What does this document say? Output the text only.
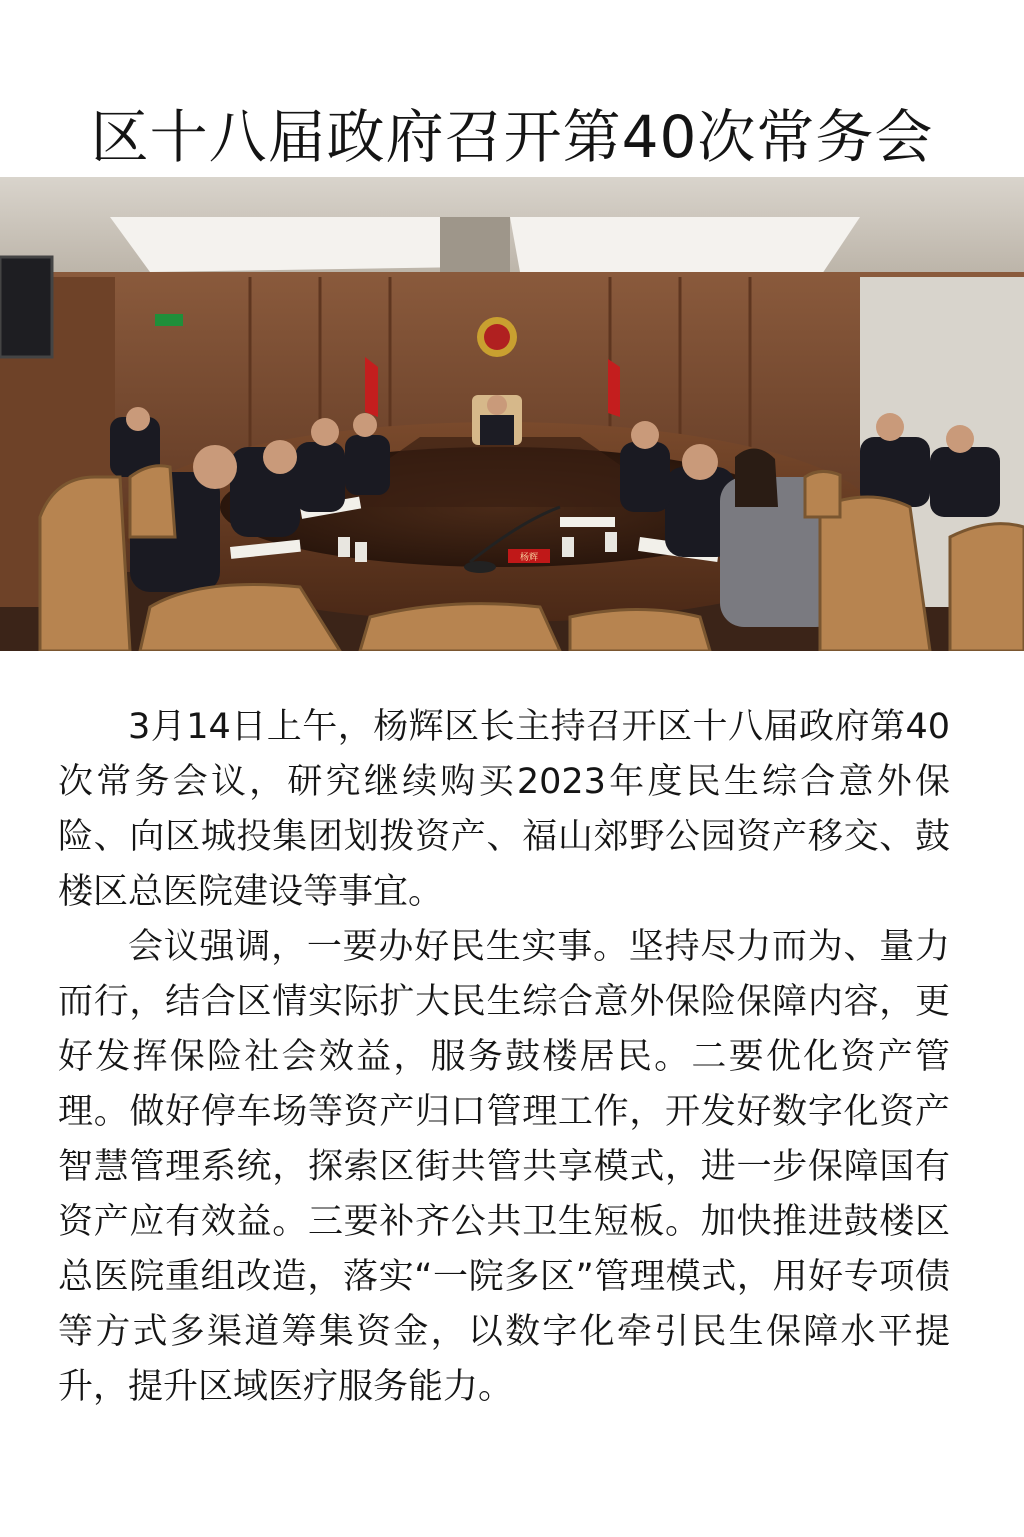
区十八届政府召开第40次常务会
杨辉

3月14日上午，杨辉区长主持召开区十八届政府第40次常务会议，研究继续购买2023年度民生综合意外保险、向区城投集团划拨资产、福山郊野公园资产移交、鼓楼区总医院建设等事宜。

会议强调，一要办好民生实事。坚持尽力而为、量力而行，结合区情实际扩大民生综合意外保险保障内容，更好发挥保险社会效益，服务鼓楼居民。二要优化资产管理。做好停车场等资产归口管理工作，开发好数字化资产智慧管理系统，探索区街共管共享模式，进一步保障国有资产应有效益。三要补齐公共卫生短板。加快推进鼓楼区总医院重组改造，落实“一院多区”管理模式，用好专项债等方式多渠道筹集资金，以数字化牵引民生保障水平提升，提升区域医疗服务能力。
